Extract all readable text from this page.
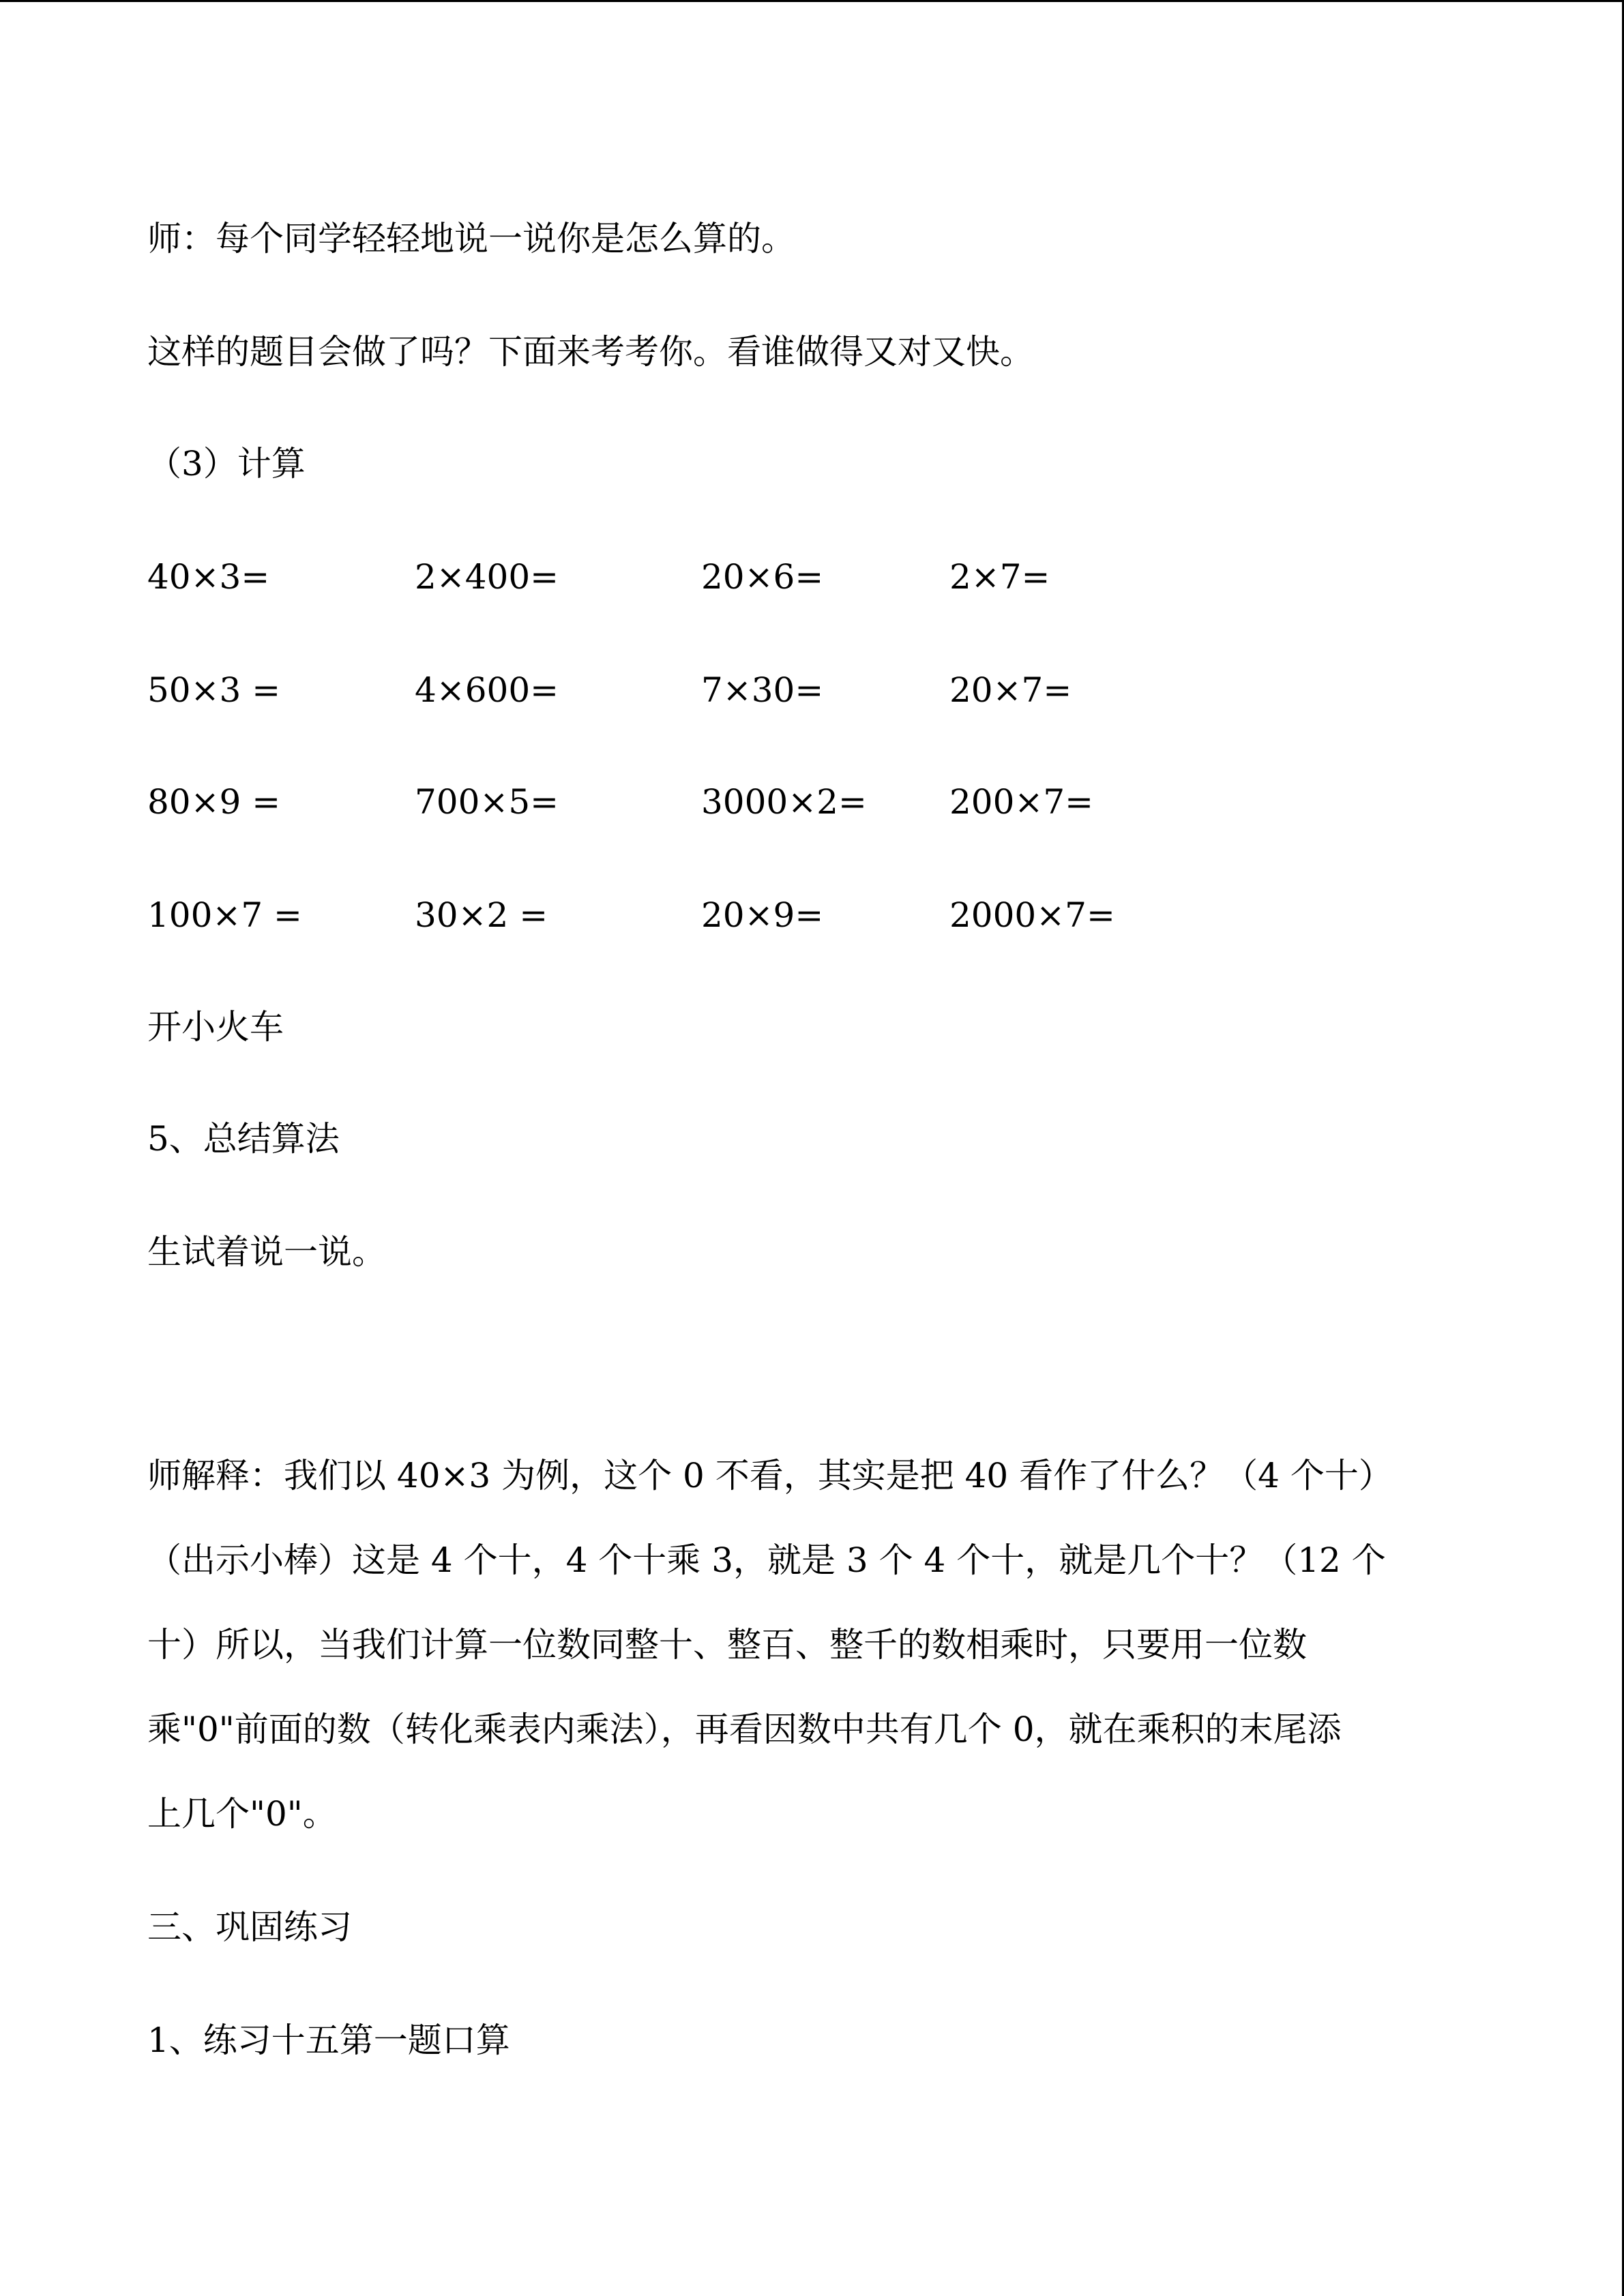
师：每个同学轻轻地说一说你是怎么算的。
这样的题目会做了吗？下面来考考你。看谁做得又对又快。
（3）计算
40×3=	2×400=	20×6=	2×7=
50×3 =	4×600=	7×30=	20×7=
80×9 =	700×5=	3000×2= 200×7=
100×7 =	30×2 =	20×9=	2000×7=
开小火车
5、总结算法
生试着说一说。
师解释：我们以 40×3 为例，这个 0 不看，其实是把 40 看作了什么？（4 个十）
（出示小棒）这是 4 个十，4 个十乘 3，就是 3 个 4 个十，就是几个十？（12 个
十）所以，当我们计算一位数同整十、整百、整千的数相乘时，只要用一位数
乘"0"前面的数（转化乘表内乘法），再看因数中共有几个 0，就在乘积的末尾添
上几个"0"。
三、巩固练习
1、练习十五第一题口算
